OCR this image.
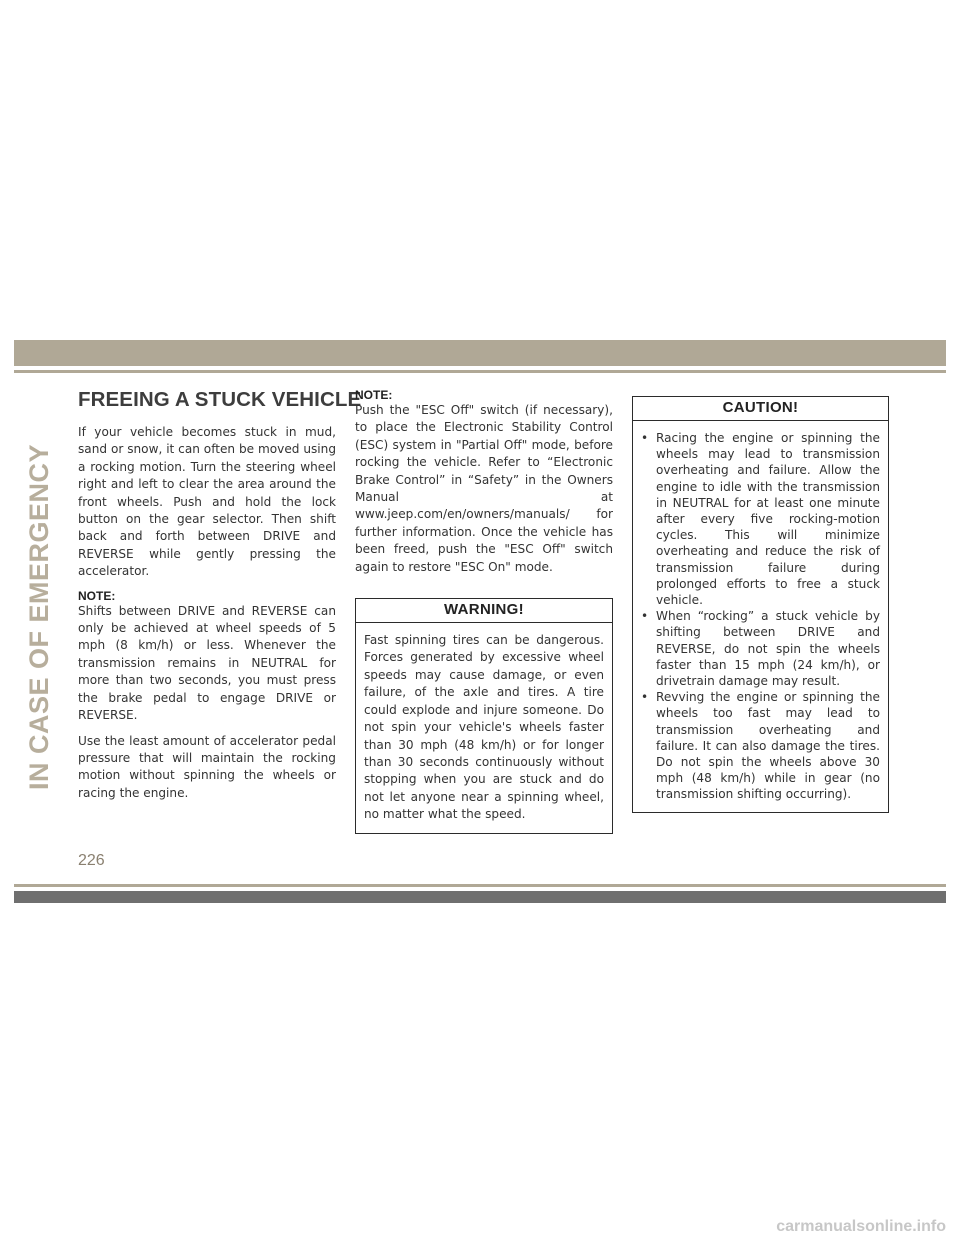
IN CASE OF EMERGENCY
FREEING A STUCK VEHICLE

If your vehicle becomes stuck in mud, sand or snow, it can often be moved using a rocking motion. Turn the steering wheel right and left to clear the area around the front wheels. Push and hold the lock button on the gear selector. Then shift back and forth between DRIVE and REVERSE while gently pressing the accelerator.

NOTE:

Shifts between DRIVE and REVERSE can only be achieved at wheel speeds of 5 mph (8 km/h) or less. Whenever the transmission remains in NEUTRAL for more than two seconds, you must press the brake pedal to engage DRIVE or REVERSE.

Use the least amount of accelerator pedal pressure that will maintain the rocking motion without spinning the wheels or racing the engine.

NOTE:

Push the "ESC Off" switch (if necessary), to place the Electronic Stability Control (ESC) system in "Partial Off" mode, before rocking the vehicle. Refer to “Electronic Brake Control” in “Safety” in the Owners Manual at www.jeep.com/en/owners/manuals/ for further information. Once the vehicle has been freed, push the "ESC Off" switch again to restore "ESC On" mode.

WARNING!

Fast spinning tires can be dangerous. Forces generated by excessive wheel speeds may cause damage, or even failure, of the axle and tires. A tire could explode and injure someone. Do not spin your vehicle's wheels faster than 30 mph (48 km/h) or for longer than 30 seconds continuously without stopping when you are stuck and do not let anyone near a spinning wheel, no matter what the speed.

CAUTION!
• Racing the engine or spinning the wheels may lead to transmission overheating and failure. Allow the engine to idle with the transmission in NEUTRAL for at least one minute after every five rocking-motion cycles. This will minimize overheating and reduce the risk of transmission failure during prolonged efforts to free a stuck vehicle.
• When “rocking” a stuck vehicle by shifting between DRIVE and REVERSE, do not spin the wheels faster than 15 mph (24 km/h), or drivetrain damage may result.
• Revving the engine or spinning the wheels too fast may lead to transmission overheating and failure. It can also damage the tires. Do not spin the wheels above 30 mph (48 km/h) while in gear (no transmission shifting occurring).
226
carmanualsonline.info
